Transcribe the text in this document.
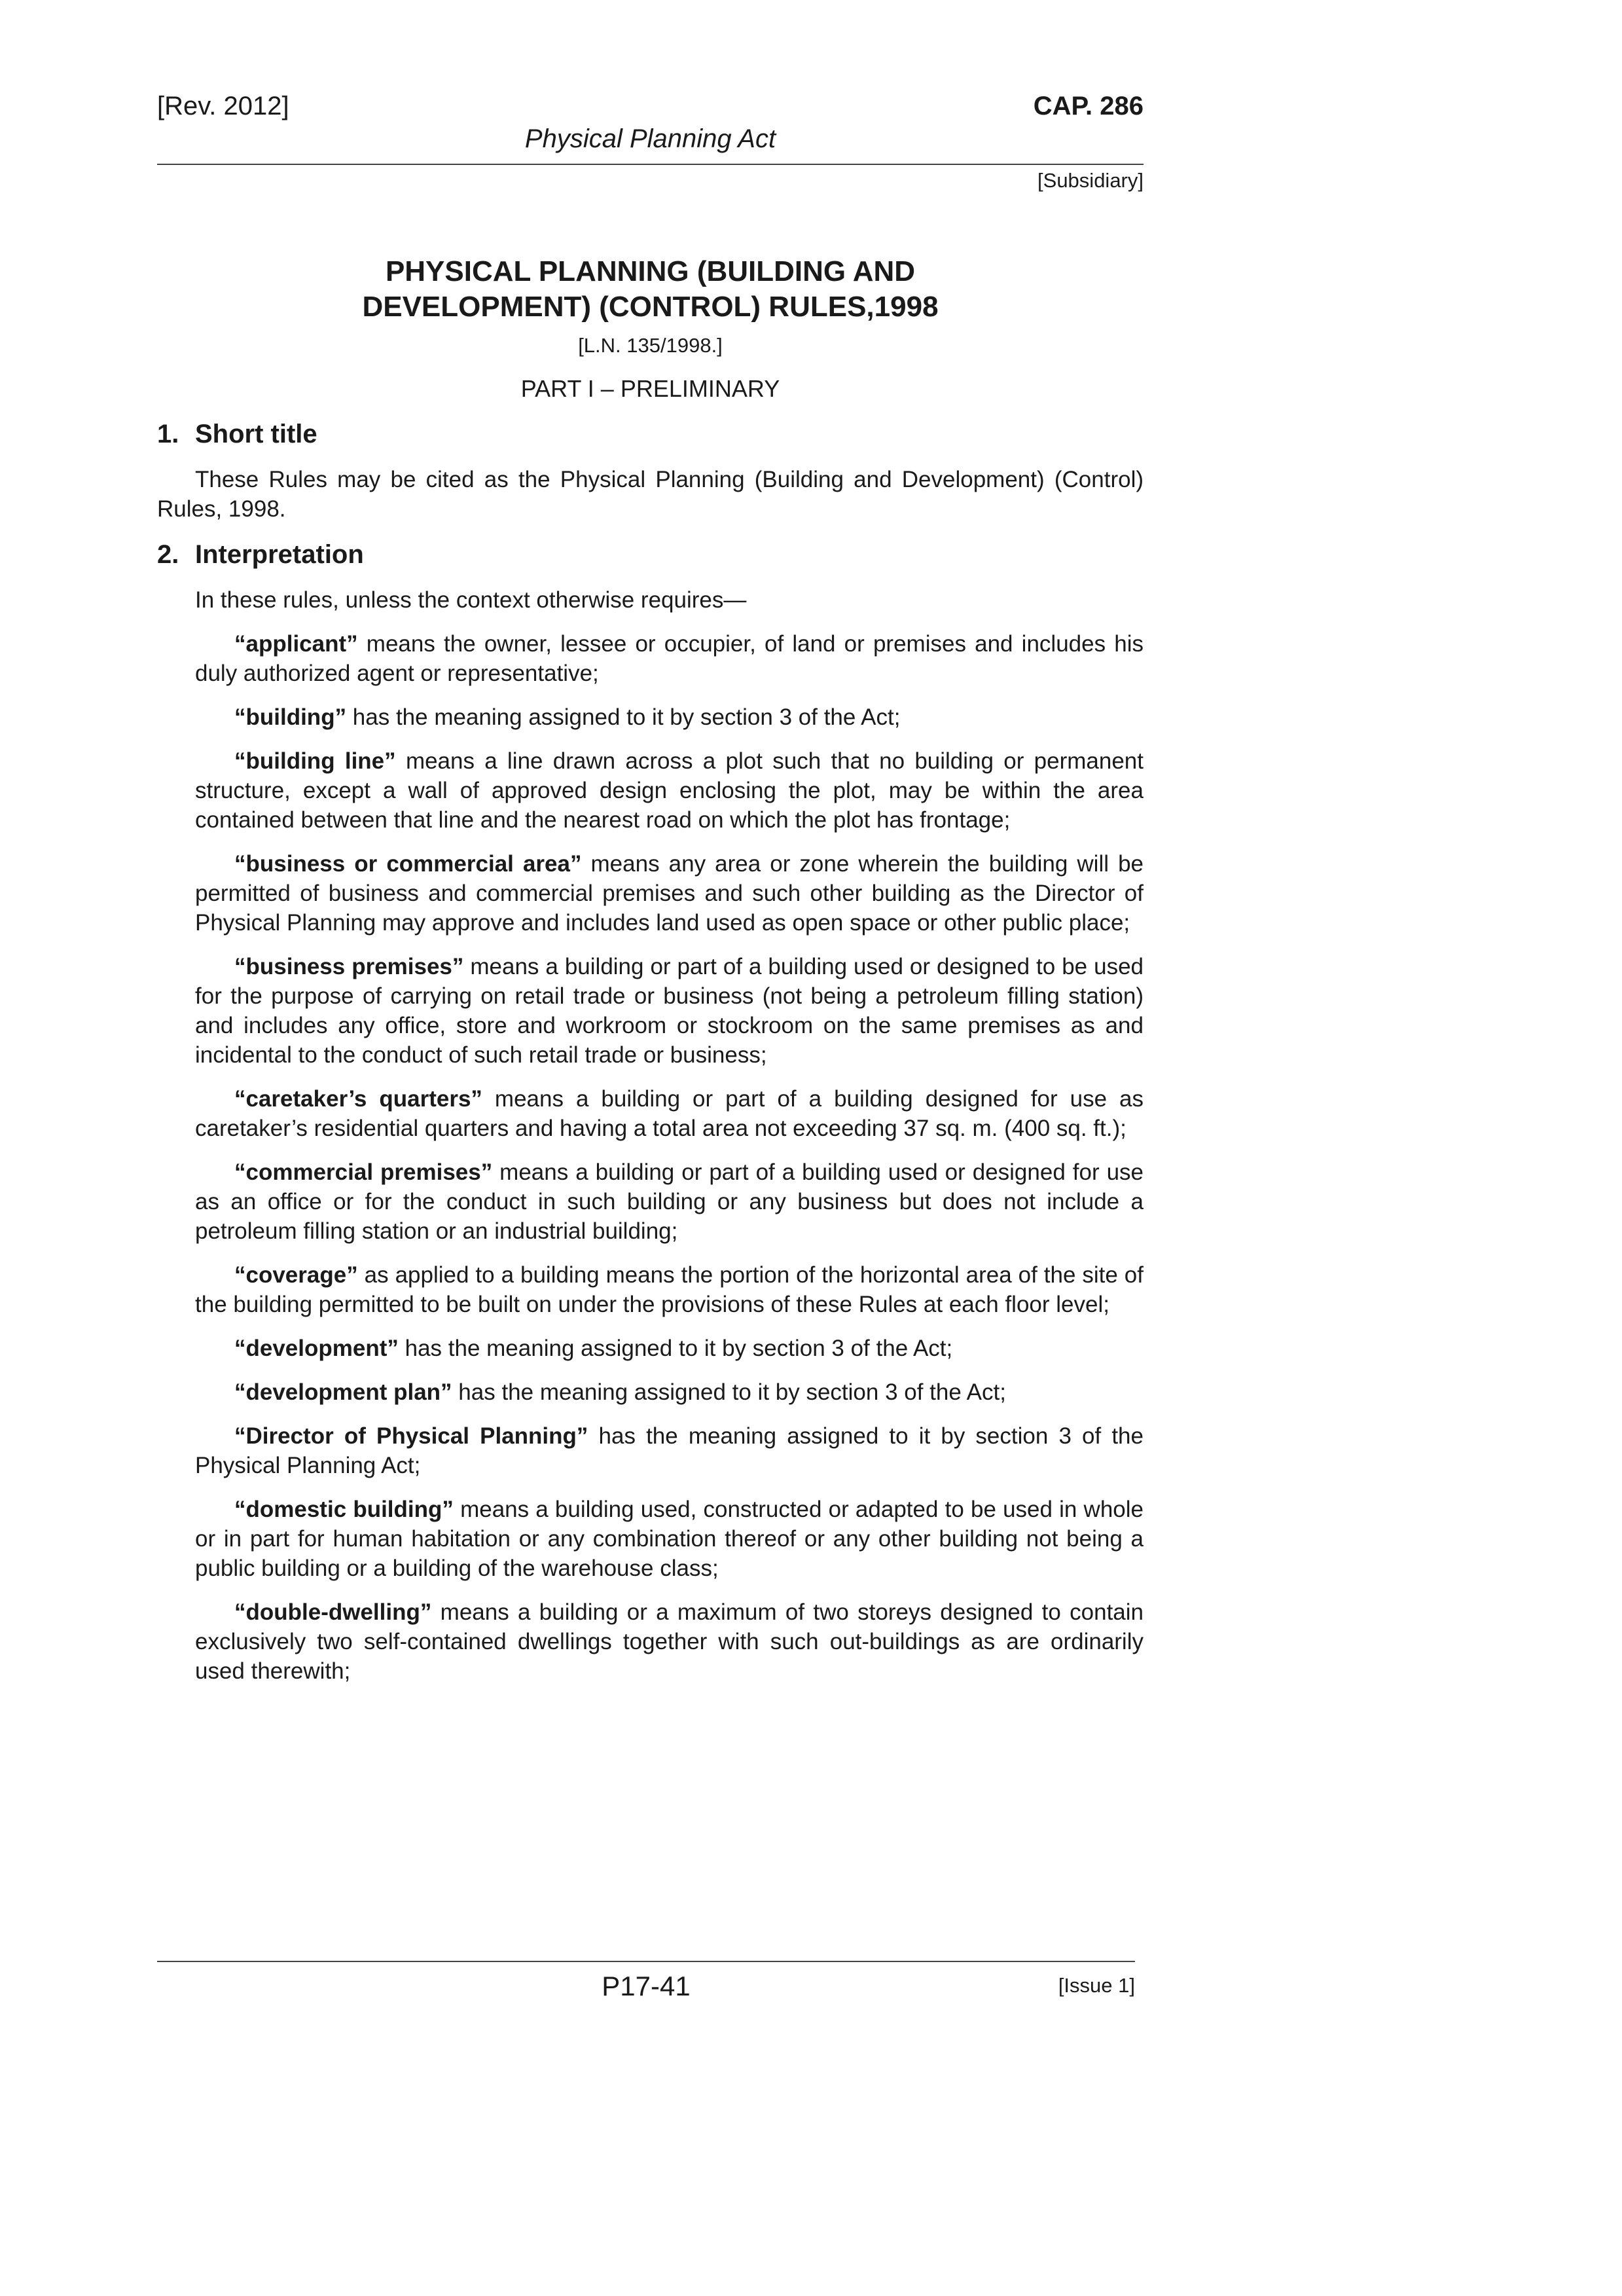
[Rev. 2012]	CAP. 286
Physical Planning Act
[Subsidiary]
PHYSICAL PLANNING (BUILDING AND
DEVELOPMENT) (CONTROL) RULES,1998
[L.N. 135/1998.]
PART I – PRELIMINARY
1. Short title

These Rules may be cited as the Physical Planning (Building and Development) (Control) Rules, 1998.

2. Interpretation

In these rules, unless the context otherwise requires—

“applicant” means the owner, lessee or occupier, of land or premises and includes his duly authorized agent or representative;

“building” has the meaning assigned to it by section 3 of the Act;

“building line” means a line drawn across a plot such that no building or permanent structure, except a wall of approved design enclosing the plot, may be within the area contained between that line and the nearest road on which the plot has frontage;

“business or commercial area” means any area or zone wherein the building will be permitted of business and commercial premises and such other building as the Director of Physical Planning may approve and includes land used as open space or other public place;

“business premises” means a building or part of a building used or designed to be used for the purpose of carrying on retail trade or business (not being a petroleum filling station) and includes any office, store and workroom or stockroom on the same premises as and incidental to the conduct of such retail trade or business;

“caretaker’s quarters” means a building or part of a building designed for use as caretaker’s residential quarters and having a total area not exceeding 37 sq. m. (400 sq. ft.);

“commercial premises” means a building or part of a building used or designed for use as an office or for the conduct in such building or any business but does not include a petroleum filling station or an industrial building;

“coverage” as applied to a building means the portion of the horizontal area of the site of the building permitted to be built on under the provisions of these Rules at each floor level;

“development” has the meaning assigned to it by section 3 of the Act;

“development plan” has the meaning assigned to it by section 3 of the Act;

“Director of Physical Planning” has the meaning assigned to it by section 3 of the Physical Planning Act;

“domestic building” means a building used, constructed or adapted to be used in whole or in part for human habitation or any combination thereof or any other building not being a public building or a building of the warehouse class;

“double-dwelling” means a building or a maximum of two storeys designed to contain exclusively two self-contained dwellings together with such out-buildings as are ordinarily used therewith;

P17-41	[Issue 1]
